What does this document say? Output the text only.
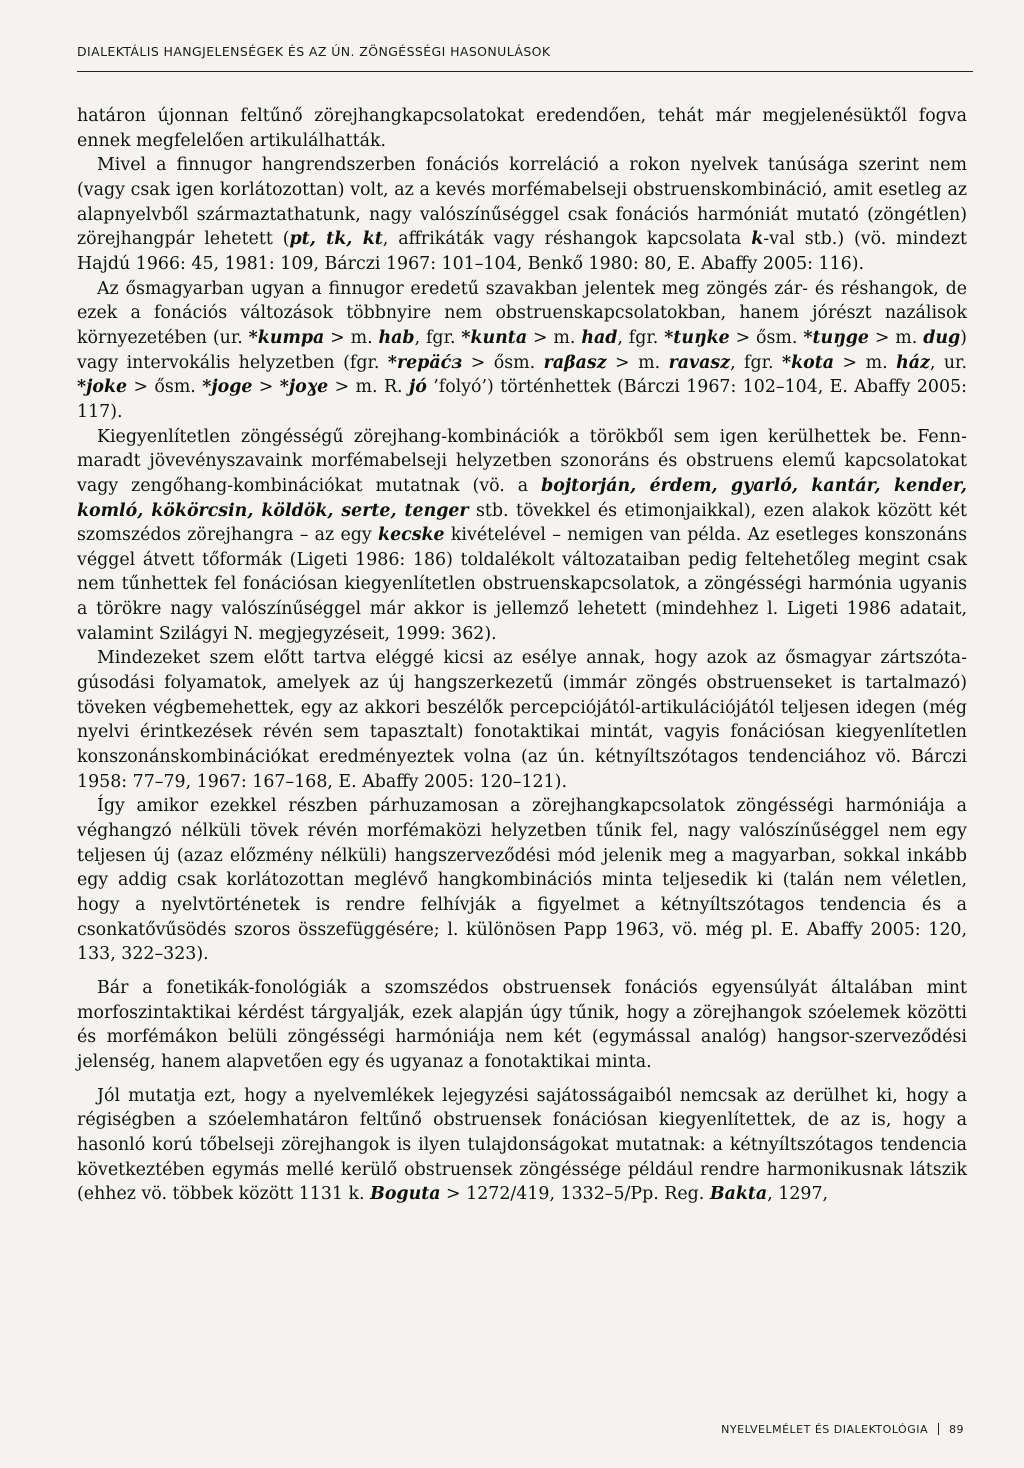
DIALEKTÁLIS HANGJELENSÉGEK ÉS AZ ÚN. ZÖNGÉSSÉGI HASONULÁSOK

határon újonnan feltűnő zörejhangkapcsolatokat eredendően, tehát már megjelenésüktől fogva ennek megfelelően artikulálhatták.

Mivel a finnugor hangrendszerben fonációs korreláció a rokon nyelvek tanúsága szerint nem (vagy csak igen korlátozottan) volt, az a kevés morfémabelseji obstruenskombináció, amit esetleg az alapnyelvből származtathatunk, nagy valószínűséggel csak fonációs harmóniát mutató (zöngétlen) zörejhangpár lehetett (pt, tk, kt, affrikáták vagy réshangok kapcsolata k-val stb.) (vö. mindezt Hajdú 1966: 45, 1981: 109, Bárczi 1967: 101–104, Benkő 1980: 80, E. Abaffy 2005: 116).

Az ősmagyarban ugyan a finnugor eredetű szavakban jelentek meg zöngés zár- és réshangok, de ezek a fonációs változások többnyire nem obstruenskapcsolatokban, hanem jórészt nazálisok környezetében (ur. *kumpa > m. hab, fgr. *kunta > m. had, fgr. *tuŋke > ősm. *tuŋge > m. dug) vagy intervokális helyzetben (fgr. *repäćз > ősm. raβasz > m. ravasz, fgr. *kota > m. ház, ur. *joke > ősm. *joge > *joɣe > m. R. jó ’folyó’) történhettek (Bárczi 1967: 102–104, E. Abaffy 2005: 117).

Kiegyenlítetlen zöngésségű zörejhang-kombinációk a törökből sem igen kerülhettek be. Fennmaradt jövevényszavaink morfémabelseji helyzetben szonoráns és obstruens elemű kapcsolatokat vagy zengőhang-kombinációkat mutatnak (vö. a bojtorján, érdem, gyarló, kantár, kender, komló, kökörcsin, köldök, serte, tenger stb. tövekkel és etimonjaikkal), ezen alakok között két szomszédos zörejhangra – az egy kecske kivételével – nemigen van példa. Az esetleges konszonáns véggel átvett tőformák (Ligeti 1986: 186) toldalékolt változataiban pedig feltehetőleg megint csak nem tűnhettek fel fonációsan kiegyenlítetlen obstruenskapcsolatok, a zöngésségi harmónia ugyanis a törökre nagy valószínűséggel már akkor is jellemző lehetett (mindehhez l. Ligeti 1986 adatait, valamint Szilágyi N. megjegyzéseit, 1999: 362).

Mindezeket szem előtt tartva eléggé kicsi az esélye annak, hogy azok az ősmagyar zártszótagúsodási folyamatok, amelyek az új hangszerkezetű (immár zöngés obstruenseket is tartalmazó) töveken végbemehettek, egy az akkori beszélők percepciójától-artikulációjától teljesen idegen (még nyelvi érintkezések révén sem tapasztalt) fonotaktikai mintát, vagyis fonációsan kiegyenlítetlen konszonánskombinációkat eredményeztek volna (az ún. kétnyíltszótagos tendenciához vö. Bárczi 1958: 77–79, 1967: 167–168, E. Abaffy 2005: 120–121).

Így amikor ezekkel részben párhuzamosan a zörejhangkapcsolatok zöngésségi harmóniája a véghangzó nélküli tövek révén morfémaközi helyzetben tűnik fel, nagy valószínűséggel nem egy teljesen új (azaz előzmény nélküli) hangszerveződési mód jelenik meg a magyarban, sokkal inkább egy addig csak korlátozottan meglévő hangkombinációs minta teljesedik ki (talán nem véletlen, hogy a nyelvtörténetek is rendre felhívják a figyelmet a kétnyíltszótagos tendencia és a csonkatővűsödés szoros összefüggésére; l. különösen Papp 1963, vö. még pl. E. Abaffy 2005: 120, 133, 322–323).

Bár a fonetikák-fonológiák a szomszédos obstruensek fonációs egyensúlyát általában mint morfoszintaktikai kérdést tárgyalják, ezek alapján úgy tűnik, hogy a zörejhangok szóelemek közötti és morfémákon belüli zöngésségi harmóniája nem két (egymással analóg) hangsor-szerveződési jelenség, hanem alapvetően egy és ugyanaz a fonotaktikai minta.

Jól mutatja ezt, hogy a nyelvemlékek lejegyzési sajátosságaiból nemcsak az derülhet ki, hogy a régiségben a szóelemhatáron feltűnő obstruensek fonációsan kiegyenlítettek, de az is, hogy a hasonló korú tőbelseji zörejhangok is ilyen tulajdonságokat mutatnak: a kétnyíltszótagos tendencia következtében egymás mellé kerülő obstruensek zöngéssége például rendre harmonikusnak látszik (ehhez vö. többek között 1131 k. Boguta > 1272/419, 1332–5/Pp. Reg. Bakta, 1297,

NYELVELMÉLET ÉS DIALEKTOLÓGIA 89
